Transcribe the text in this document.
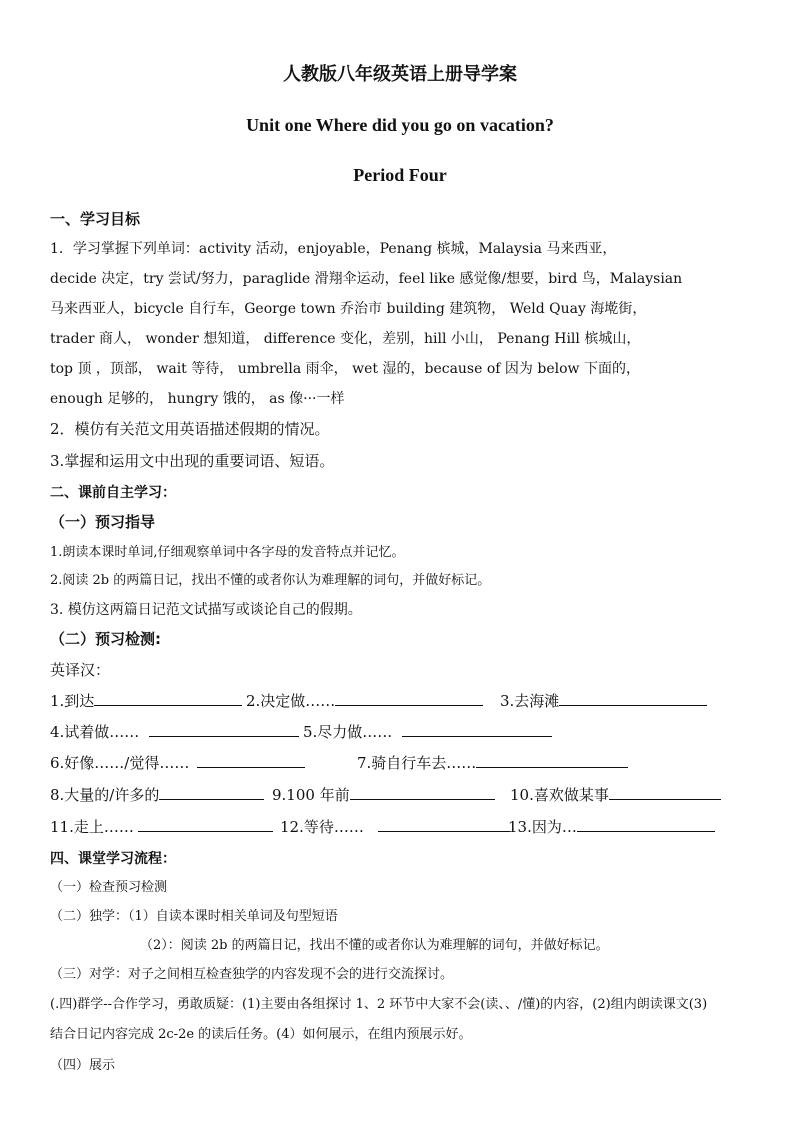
人教版八年级英语上册导学案
Unit one Where did you go on vacation?
Period Four
一、学习目标
1．学习掌握下列单词：activity 活动，enjoyable，Penang 槟城，Malaysia 马来西亚，
decide 决定，try 尝试/努力，paraglide 滑翔伞运动，feel like 感觉像/想要，bird 鸟，Malaysian
马来西亚人，bicycle 自行车，George town 乔治市 building 建筑物， Weld Quay 海墘街，
trader 商人， wonder 想知道， difference 变化，差别，hill 小山， Penang Hill 槟城山，
top 顶 ，顶部， wait 等待， umbrella 雨伞， wet 湿的，because of 因为 below 下面的，
enough 足够的， hungry 饿的， as 像···一样
2．模仿有关范文用英语描述假期的情况。
3.掌握和运用文中出现的重要词语、短语。
二、课前自主学习：
（一）预习指导
1.朗读本课时单词,仔细观察单词中各字母的发音特点并记忆。
2.阅读 2b 的两篇日记，找出不懂的或者你认为难理解的词句，并做好标记。
3. 模仿这两篇日记范文试描写或谈论自己的假期。
（二）预习检测:
英译汉：
1.到达	2.决定做……	3.去海滩
4.试着做……	5.尽力做……
6.好像……/觉得……	7.骑自行车去……
8.大量的/许多的	9.100 年前	10.喜欢做某事
11.走上……	12.等待……	13.因为…
四、课堂学习流程：
（一）检查预习检测
（二）独学：（1）自读本课时相关单词及句型短语
（2）：阅读 2b 的两篇日记，找出不懂的或者你认为难理解的词句，并做好标记。
（三）对学：对子之间相互检查独学的内容发现不会的进行交流探讨。
(.四)群学--合作学习，勇敢质疑：(1)主要由各组探讨 1、2 环节中大家不会(读、、/懂)的内容，(2)组内朗读课文(3)
结合日记内容完成 2c-2e 的读后任务。(4）如何展示，在组内预展示好。
（四）展示
